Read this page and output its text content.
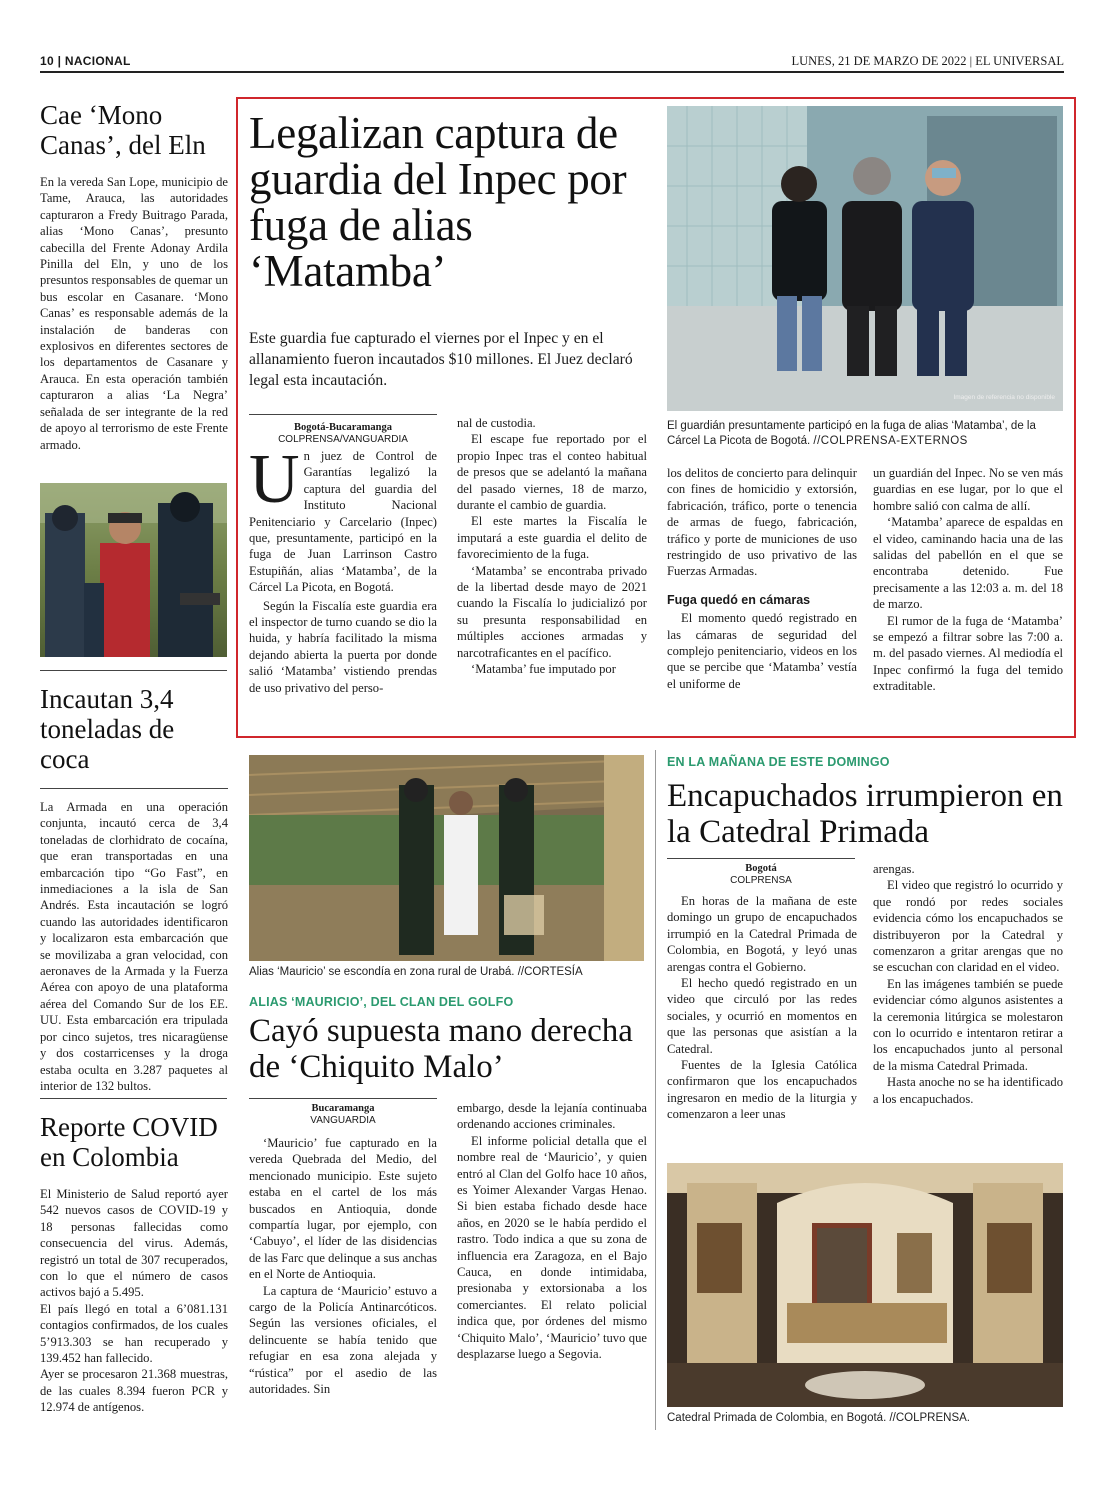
10 | NACIONAL	LUNES, 21 DE MARZO DE 2022 | EL UNIVERSAL
Cae ‘Mono Canas’, del Eln

En la vereda San Lope, municipio de Tame, Arauca, las autoridades capturaron a Fredy Buitrago Parada, alias ‘Mono Canas’, presunto cabecilla del Frente Adonay Ardila Pinilla del Eln, y uno de los presuntos responsables de quemar un bus escolar en Casanare. ‘Mono Canas’ es responsable además de la instalación de banderas con explosivos en diferentes sectores de los departamentos de Casanare y Arauca. En esta operación también capturaron a alias ‘La Negra’ señalada de ser integrante de la red de apoyo al terrorismo de este Frente armado.

Incautan 3,4 toneladas de coca

La Armada en una operación conjunta, incautó cerca de 3,4 toneladas de clorhidrato de cocaína, que eran transportadas en una embarcación tipo “Go Fast”, en inmediaciones a la isla de San Andrés. Esta incautación se logró cuando las autoridades identificaron y localizaron esta embarcación que se movilizaba a gran velocidad, con aeronaves de la Armada y la Fuerza Aérea con apoyo de una plataforma aérea del Comando Sur de los EE. UU. Esta embarcación era tripulada por cinco sujetos, tres nicaragüense y dos costarricenses y la droga estaba oculta en 3.287 paquetes al interior de 132 bultos.

Reporte COVID en Colombia

El Ministerio de Salud reportó ayer 542 nuevos casos de COVID-19 y 18 personas fallecidas como consecuencia del virus. Además, registró un total de 307 recuperados, con lo que el número de casos activos bajó a 5.495.

El país llegó en total a 6’081.131 contagios confirmados, de los cuales 5’913.303 se han recuperado y 139.452 han fallecido.

Ayer se procesaron 21.368 muestras, de las cuales 8.394 fueron PCR y 12.974 de antígenos.

Legalizan captura de guardia del Inpec por fuga de alias ‘Matamba’
Este guardia fue capturado el viernes por el Inpec y en el allanamiento fueron incautados $10 millones. El Juez declaró legal esta incautación.
Imagen de referencia no disponible
El guardián presuntamente participó en la fuga de alias ‘Matamba’, de la Cárcel La Picota de Bogotá. //COLPRENSA-EXTERNOS
Bogotá-Bucaramanga
COLPRENSA/VANGUARDIA

Un juez de Control de Garantías legalizó la captura del guardia del Instituto Nacional Penitenciario y Carcelario (Inpec) que, presuntamente, participó en la fuga de Juan Larrinson Castro Estupiñán, alias ‘Matamba’, de la Cárcel La Picota, en Bogotá.

Según la Fiscalía este guardia era el inspector de turno cuando se dio la huida, y habría facilitado la misma dejando abierta la puerta por donde salió ‘Matamba’ vistiendo prendas de uso privativo del perso-

nal de custodia.

El escape fue reportado por el propio Inpec tras el conteo habitual de presos que se adelantó la mañana del pasado viernes, 18 de marzo, durante el cambio de guardia.

El este martes la Fiscalía le imputará a este guardia el delito de favorecimiento de la fuga.

‘Matamba’ se encontraba privado de la libertad desde mayo de 2021 cuando la Fiscalía lo judicializó por su presunta responsabilidad en múltiples acciones armadas y narcotraficantes en el pacífico.

‘Matamba’ fue imputado por

los delitos de concierto para delinquir con fines de homicidio y extorsión, fabricación, tráfico, porte o tenencia de armas de fuego, fabricación, tráfico y porte de municiones de uso restringido de uso privativo de las Fuerzas Armadas.

Fuga quedó en cámaras

El momento quedó registrado en las cámaras de seguridad del complejo penitenciario, videos en los que se percibe que ‘Matamba’ vestía el uniforme de

un guardián del Inpec. No se ven más guardias en ese lugar, por lo que el hombre salió con calma de allí.

‘Matamba’ aparece de espaldas en el video, caminando hacia una de las salidas del pabellón en el que se encontraba detenido. Fue precisamente a las 12:03 a. m. del 18 de marzo.

El rumor de la fuga de ‘Matamba’ se empezó a filtrar sobre las 7:00 a. m. del pasado viernes. Al mediodía el Inpec confirmó la fuga del temido extraditable.

Alias ‘Mauricio’ se escondía en zona rural de Urabá. //CORTESÍA
ALIAS ‘MAURICIO’, DEL CLAN DEL GOLFO
Cayó supuesta mano derecha de ‘Chiquito Malo’
Bucaramanga
VANGUARDIA

‘Mauricio’ fue capturado en la vereda Quebrada del Medio, del mencionado municipio. Este sujeto estaba en el cartel de los más buscados en Antioquia, donde compartía lugar, por ejemplo, con ‘Cabuyo’, el líder de las disidencias de las Farc que delinque a sus anchas en el Norte de Antioquia.

La captura de ‘Mauricio’ estuvo a cargo de la Policía Antinarcóticos. Según las versiones oficiales, el delincuente se había tenido que refugiar en esa zona alejada y “rústica” por el asedio de las autoridades. Sin

embargo, desde la lejanía continuaba ordenando acciones criminales.

El informe policial detalla que el nombre real de ‘Mauricio’, y quien entró al Clan del Golfo hace 10 años, es Yoimer Alexander Vargas Henao. Si bien estaba fichado desde hace años, en 2020 se le había perdido el rastro. Todo indica a que su zona de influencia era Zaragoza, en el Bajo Cauca, en donde intimidaba, presionaba y extorsionaba a los comerciantes. El relato policial indica que, por órdenes del mismo ‘Chiquito Malo’, ‘Mauricio’ tuvo que desplazarse luego a Segovia.

EN LA MAÑANA DE ESTE DOMINGO
Encapuchados irrumpieron en la Catedral Primada
Bogotá
COLPRENSA

En horas de la mañana de este domingo un grupo de encapuchados irrumpió en la Catedral Primada de Colombia, en Bogotá, y leyó unas arengas contra el Gobierno.

El hecho quedó registrado en un video que circuló por las redes sociales, y ocurrió en momentos en que las personas que asistían a la Catedral.

Fuentes de la Iglesia Católica confirmaron que los encapuchados ingresaron en medio de la liturgia y comenzaron a leer unas

arengas.

El video que registró lo ocurrido y que rondó por redes sociales evidencia cómo los encapuchados se distribuyeron por la Catedral y comenzaron a gritar arengas que no se escuchan con claridad en el video.

En las imágenes también se puede evidenciar cómo algunos asistentes a la ceremonia litúrgica se molestaron con lo ocurrido e intentaron retirar a los encapuchados junto al personal de la misma Catedral Primada.

Hasta anoche no se ha identificado a los encapuchados.

Catedral Primada de Colombia, en Bogotá. //COLPRENSA.
